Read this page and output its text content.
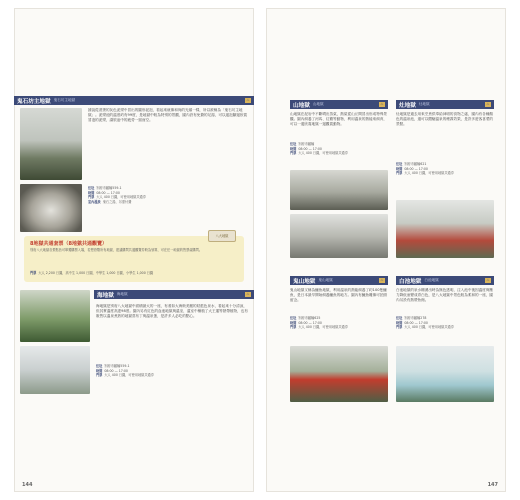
鬼石坊主地獄 鬼石坊主地獄	♨
據說從滾燙的灰色泥漿中冒出的圓形泥泡，看起來就像和尚的光頭一樣，所以被稱為「鬼石坊主地獄」。泥漿池的溫度約有99度，是地獄中較為特別的景觀，園內設有免費的足湯，可以邊泡腳邊欣賞冒泡的泥漿，讓旅途中的疲勞一掃而空。
住址 別府市鐵輪559-1
時間 08:00 — 17:00
門票 大人 400 日圓，可使用地獄共通券
室內溫泉 鬼石之湯，另需付費
八大地獄
8地獄共通套票（8地獄共通觀覽）
別府八大地獄各景點皆可單獨購票入場，若想遊覽所有地獄，建議購買共通觀覽券較為划算，可在任一地獄的售票處購買。
門票 大人 2,200 日圓，高中生 1,000 日圓，中學生 1,000 日圓，小學生 1,000 日圓
海地獄 海地獄	♨
海地獄是別府八大地獄中面積最大的一座，有著如大海般美麗的鈷藍色泉水，看起來十分清涼，但其實溫度高達98度。園內另有紅色的血池地獄與溫室，溫室中種植了大王蓮等熱帶植物，也有販售以溫泉煮熟的地獄蒸布丁與溫泉蛋，是許多人必吃的點心。
住址 別府市鐵輪559-1
時間 08:00 — 17:00
門票 大人 400 日圓，可使用地獄共通券
144
山地獄 山地獄	♨
山地獄在泥岩中不斷噴出蒸氣，熱氣從山丘間冒出形成特殊景觀。園內飼養了河馬、紅鶴等動物，利用溫泉的熱能來飼育，可以一邊欣賞地獄一邊觀賞動物。
住址 別府市鐵輪
時間 08:00 — 17:00
門票 大人 400 日圓，可使用地獄共通券
灶地獄 灶地獄	♨
灶地獄是過去用來烹煮供奉給神明的食物之處，園內有各種顏色的溫泉池，還可以體驗溫泉的煙霧效果，是許多遊客喜愛的景點。
住址 別府市鐵輪621
時間 08:00 — 17:00
門票 大人 400 日圓，可使用地獄共通券
鬼山地獄 鬼山地獄	♨
鬼山地獄又稱為鱷魚地獄，利用溫泉的熱能飼養了約100隻鱷魚，是日本最早開始飼養鱷魚的地方。園內有鱷魚雕像可拍照留念。
住址 別府市鐵輪625
時間 08:00 — 17:00
門票 大人 400 日圓，可使用地獄共通券
白池地獄 白池地獄	♨
白池地獄的泉水剛湧出時為無色透明，注入池中後因溫度與壓力降低而變成青白色，是八大地獄中景色較為柔和的一座，園內另設有熱帶魚館。
住址 別府市鐵輪278
時間 08:00 — 17:00
門票 大人 400 日圓，可使用地獄共通券
147
